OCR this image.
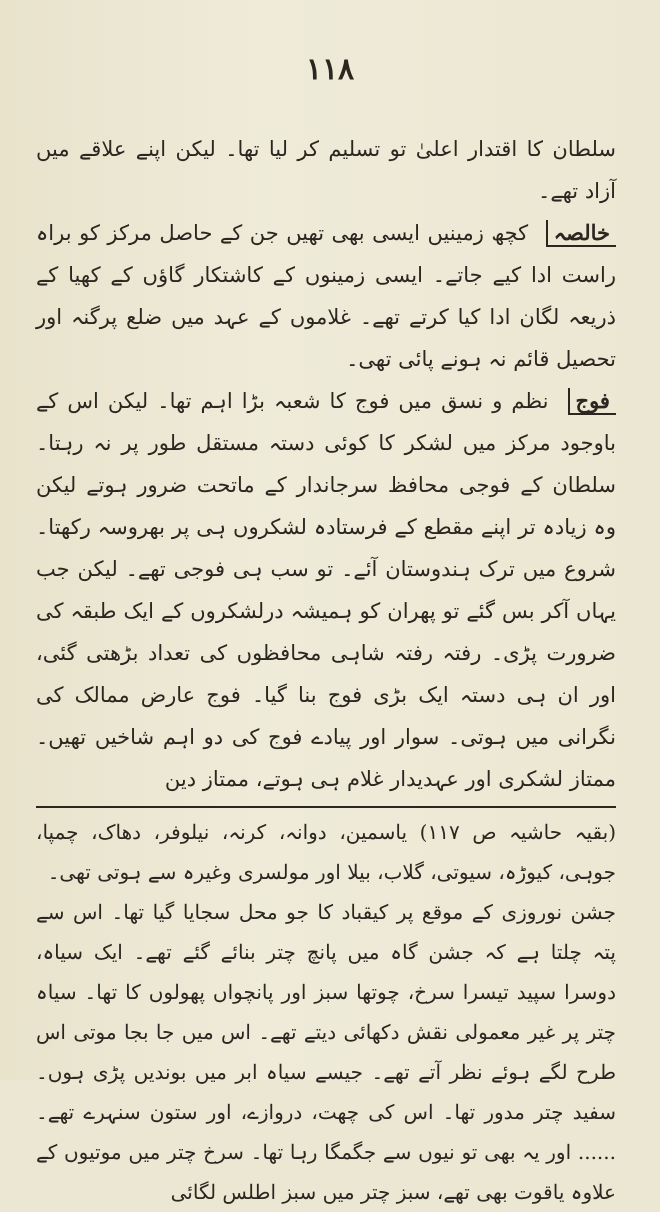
۱۱۸

سلطان کا اقتدار اعلیٰ تو تسلیم کر لیا تھا۔ لیکن اپنے علاقے میں آزاد تھے۔

خالصہ کچھ زمینیں ایسی بھی تھیں جن کے حاصل مرکز کو براہ راست ادا کیے جاتے۔ ایسی زمینوں کے کاشتکار گاؤں کے کھیا کے ذریعہ لگان ادا کیا کرتے تھے۔ غلاموں کے عہد میں ضلع پرگنہ اور تحصیل قائم نہ ہونے پائی تھی۔

فوج نظم و نسق میں فوج کا شعبہ بڑا اہم تھا۔ لیکن اس کے باوجود مرکز میں لشکر کا کوئی دستہ مستقل طور پر نہ رہتا۔ سلطان کے فوجی محافظ سرجاندار کے ماتحت ضرور ہوتے لیکن وہ زیادہ تر اپنے مقطع کے فرستادہ لشکروں ہی پر بھروسہ رکھتا۔ شروع میں ترک ہندوستان آئے۔ تو سب ہی فوجی تھے۔ لیکن جب یہاں آکر بس گئے تو پھران کو ہمیشہ درلشکروں کے ایک طبقہ کی ضرورت پڑی۔ رفتہ رفتہ شاہی محافظوں کی تعداد بڑھتی گئی، اور ان ہی دستہ ایک بڑی فوج بنا گیا۔ فوج عارض ممالک کی نگرانی میں ہوتی۔ سوار اور پیادے فوج کی دو اہم شاخیں تھیں۔ ممتاز لشکری اور عہدیدار غلام ہی ہوتے، ممتاز دین

(بقیہ حاشیہ ص ۱۱۷) یاسمین، دوانہ، کرنہ، نیلوفر، دھاک، چمپا، جوہی، کیوڑہ، سیوتی، گلاب، بیلا اور مولسری وغیرہ سے ہوتی تھی۔

جشن نوروزی کے موقع پر کیقباد کا جو محل سجایا گیا تھا۔ اس سے پتہ چلتا ہے کہ جشن گاہ میں پانچ چتر بنائے گئے تھے۔ ایک سیاہ، دوسرا سپید تیسرا سرخ، چوتھا سبز اور پانچواں پھولوں کا تھا۔ سیاہ چتر پر غیر معمولی نقش دکھائی دیتے تھے۔ اس میں جا بجا موتی اس طرح لگے ہوئے نظر آتے تھے۔ جیسے سیاہ ابر میں بوندیں پڑی ہوں۔ سفید چتر مدور تھا۔ اس کی چھت، دروازے، اور ستون سنہرے تھے۔ ...... اور یہ بھی تو نیوں سے جگمگا رہا تھا۔ سرخ چتر میں موتیوں کے علاوہ یاقوت بھی تھے، سبز چتر میں سبز اطلس لگائی
